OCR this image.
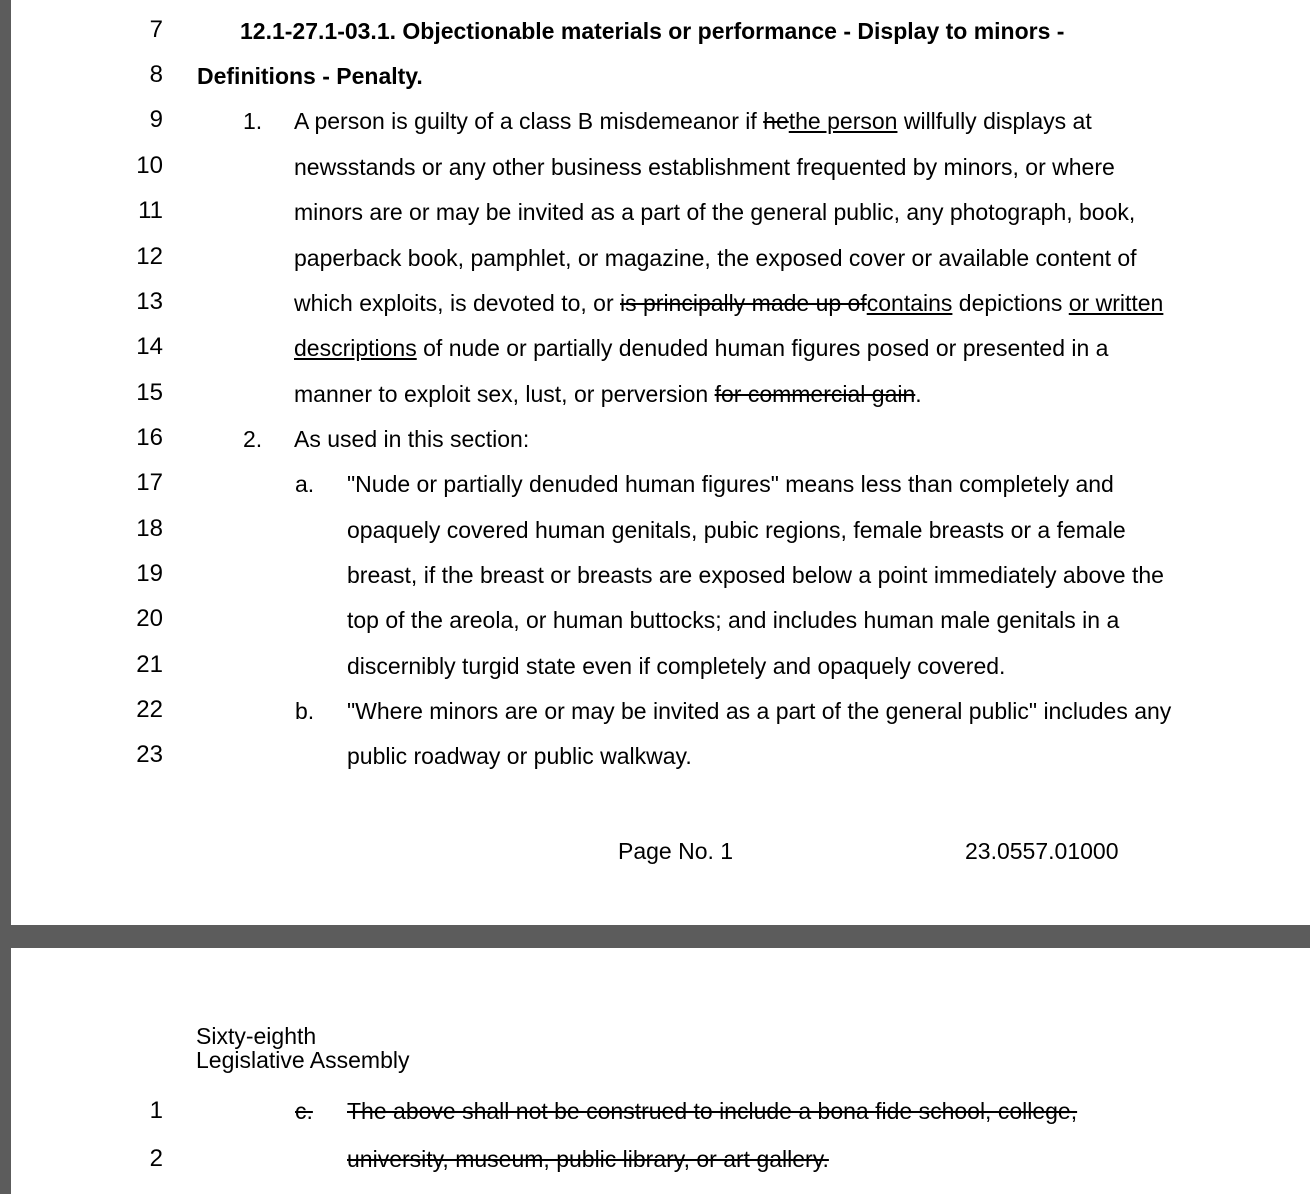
7
8
9
10
11
12
13
14
15
16
17
18
19
20
21
22
23
12.1-27.1-03.1. Objectionable materials or performance - Display to minors -
Definitions - Penalty.
1. A person is guilty of a class B misdemeanor if hethe person willfully displays at
newsstands or any other business establishment frequented by minors, or where
minors are or may be invited as a part of the general public, any photograph, book,
paperback book, pamphlet, or magazine, the exposed cover or available content of
which exploits, is devoted to, or is principally made up ofcontains depictions or written
descriptions of nude or partially denuded human figures posed or presented in a
manner to exploit sex, lust, or perversion for commercial gain.
2. As used in this section:
a. "Nude or partially denuded human figures" means less than completely and
opaquely covered human genitals, pubic regions, female breasts or a female
breast, if the breast or breasts are exposed below a point immediately above the
top of the areola, or human buttocks; and includes human male genitals in a
discernibly turgid state even if completely and opaquely covered.
b. "Where minors are or may be invited as a part of the general public" includes any
public roadway or public walkway.
Page No. 1	23.0557.01000
Sixty-eighth
Legislative Assembly
1
2
c. The above shall not be construed to include a bona fide school, college,
university, museum, public library, or art gallery.
